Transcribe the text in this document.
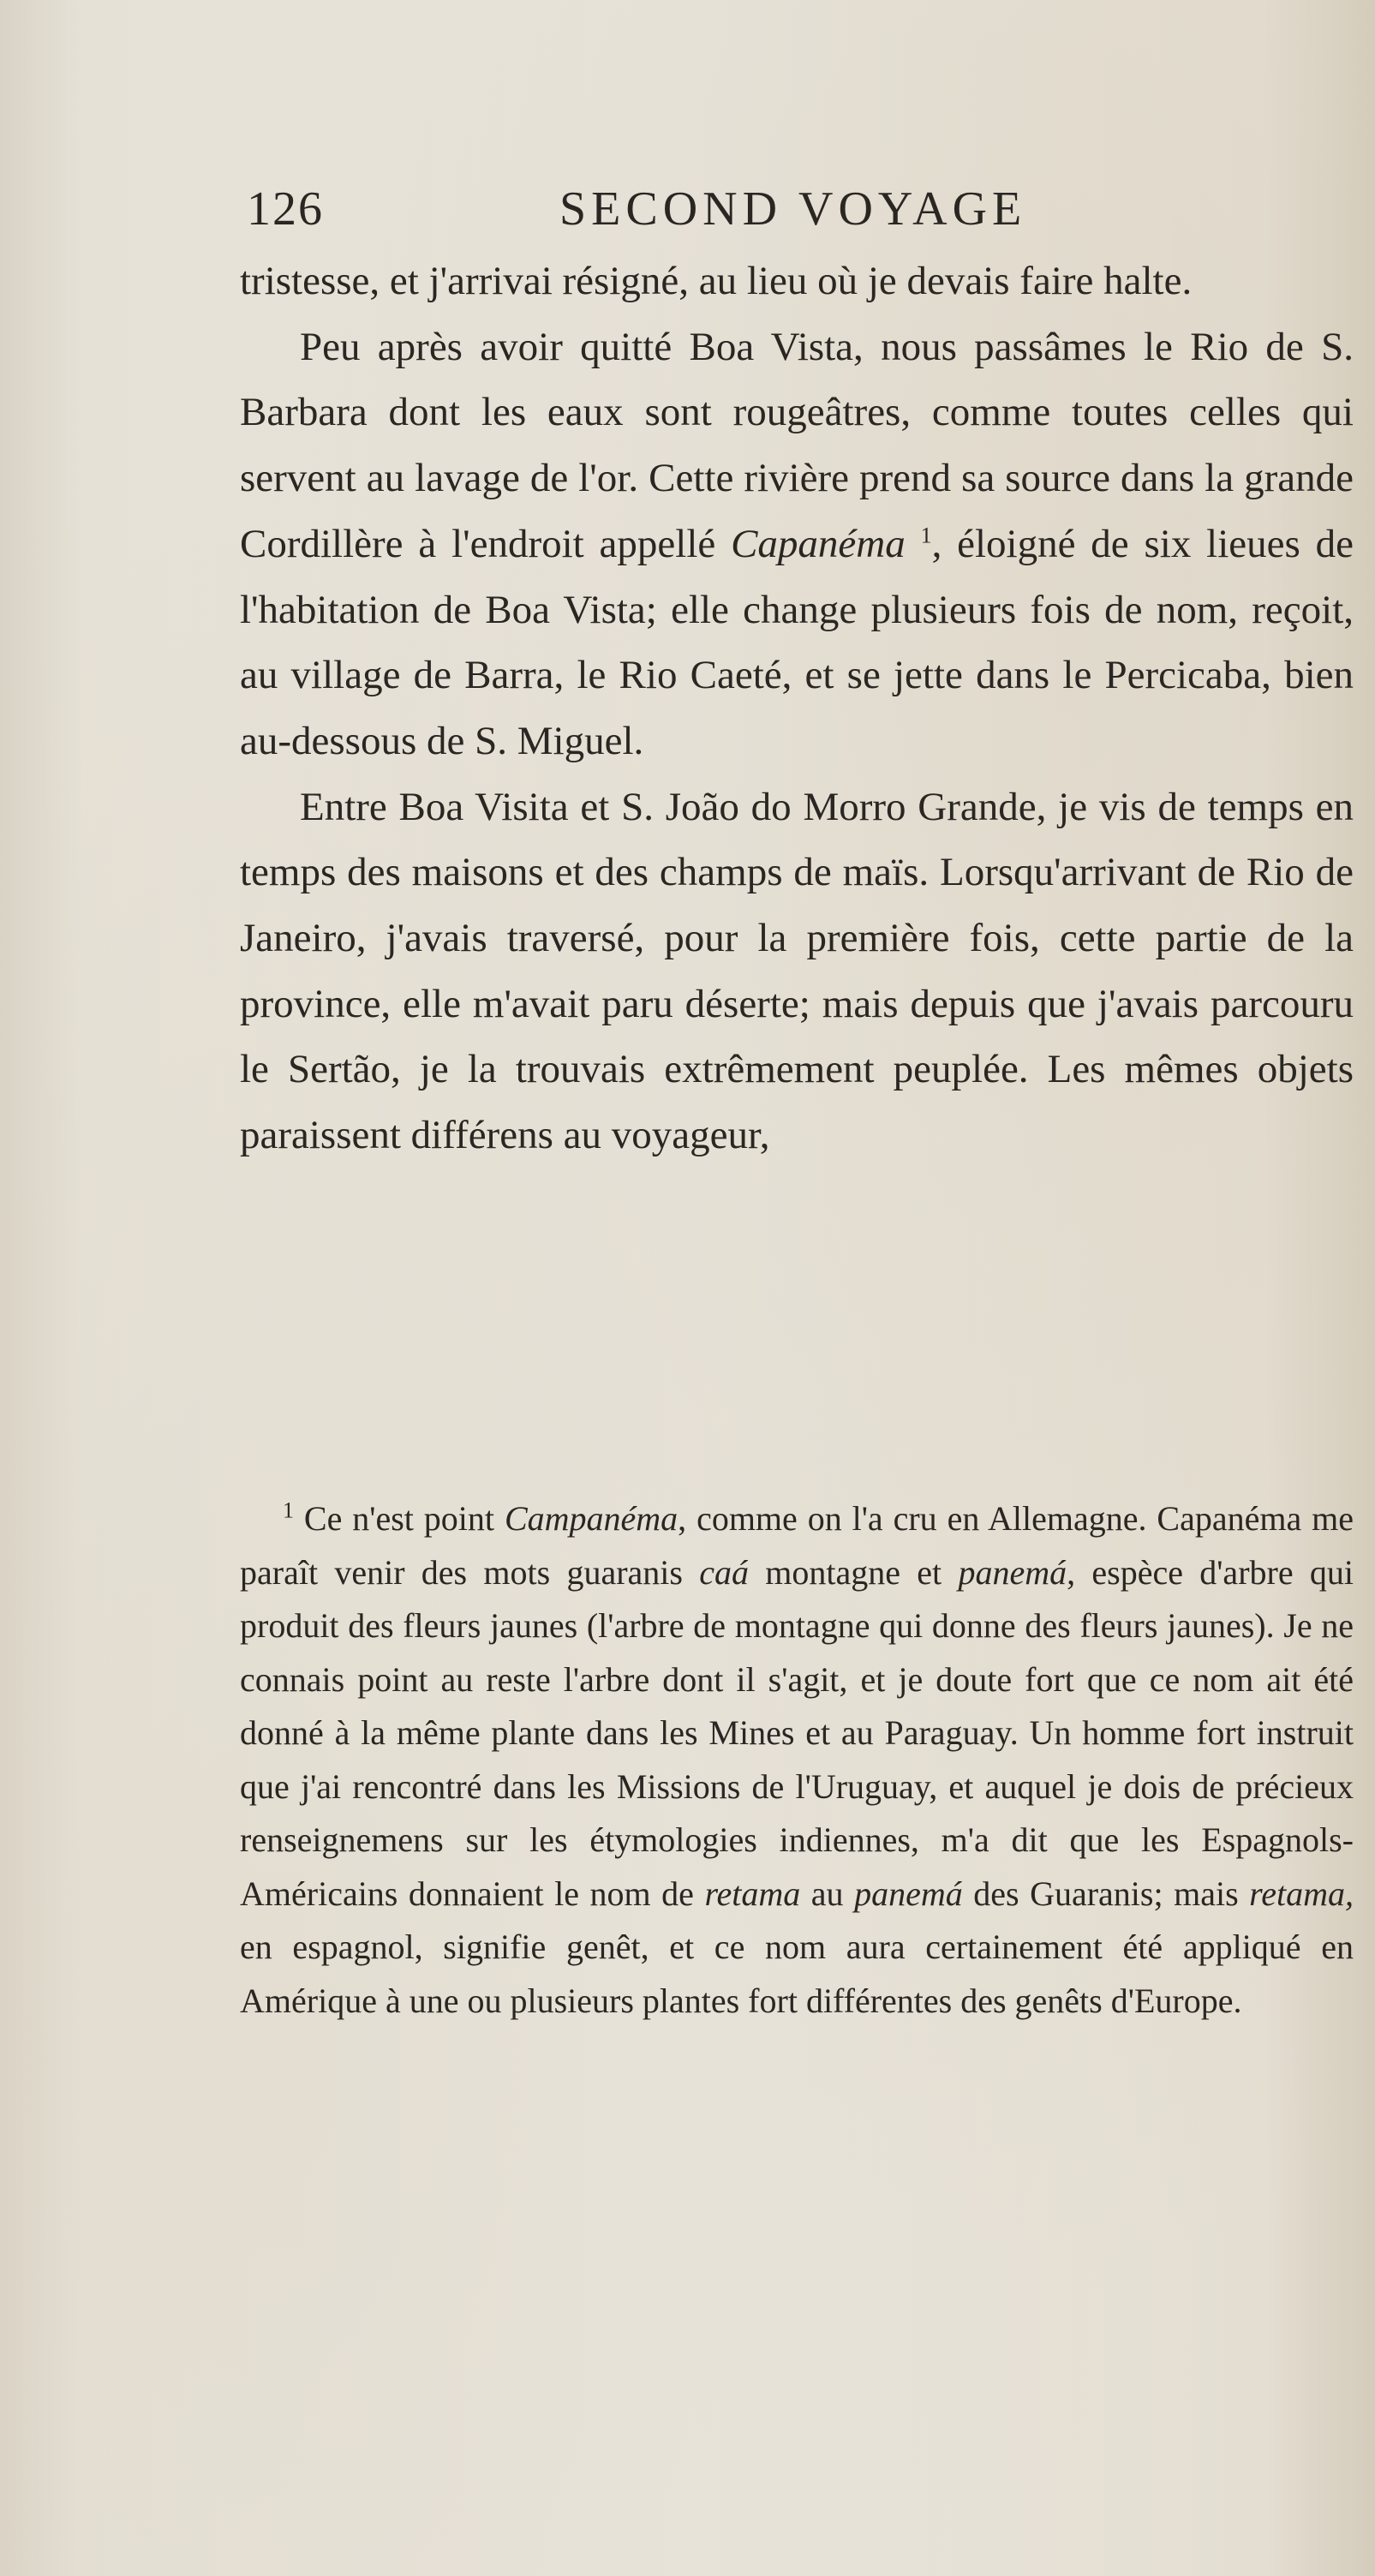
126	SECOND VOYAGE

tristesse, et j'arrivai résigné, au lieu où je devais faire halte.

Peu après avoir quitté Boa Vista, nous passâmes le Rio de S. Barbara dont les eaux sont rougeâtres, comme toutes celles qui servent au lavage de l'or. Cette rivière prend sa source dans la grande Cordillère à l'endroit appellé Capanéma $^1$, éloigné de six lieues de l'habitation de Boa Vista; elle change plusieurs fois de nom, reçoit, au village de Barra, le Rio Caeté, et se jette dans le Percicaba, bien au-dessous de S. Miguel.

Entre Boa Visita et S. João do Morro Grande, je vis de temps en temps des maisons et des champs de maïs. Lorsqu'arrivant de Rio de Janeiro, j'avais traversé, pour la première fois, cette partie de la province, elle m'avait paru déserte; mais depuis que j'avais parcouru le Sertão, je la trouvais extrêmement peuplée. Les mêmes objets paraissent différens au voyageur,

$^1$ Ce n'est point Campanéma, comme on l'a cru en Allemagne. Capanéma me paraît venir des mots guaranis caá montagne et panemá, espèce d'arbre qui produit des fleurs jaunes (l'arbre de montagne qui donne des fleurs jaunes). Je ne connais point au reste l'arbre dont il s'agit, et je doute fort que ce nom ait été donné à la même plante dans les Mines et au Paraguay. Un homme fort instruit que j'ai rencontré dans les Missions de l'Uruguay, et auquel je dois de précieux renseignemens sur les étymologies indiennes, m'a dit que les Espagnols-Américains donnaient le nom de retama au panemá des Guaranis; mais retama, en espagnol, signifie genêt, et ce nom aura certainement été appliqué en Amérique à une ou plusieurs plantes fort différentes des genêts d'Europe.
